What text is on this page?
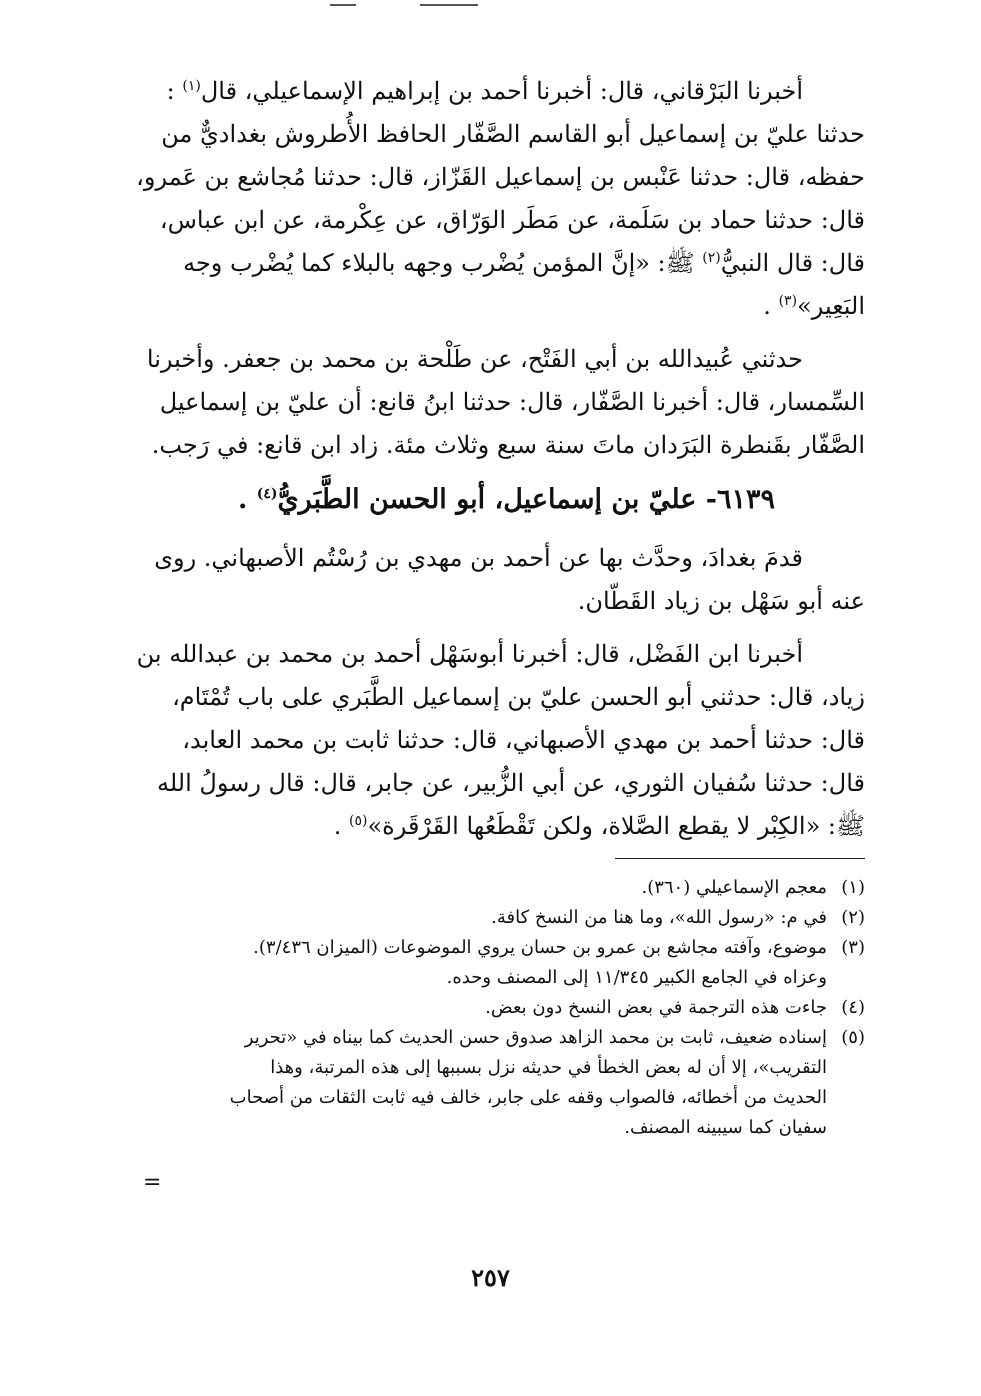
أخبرنا البَرْقاني، قال: أخبرنا أحمد بن إبراهيم الإسماعيلي، قال$^{(١)}$ :
حدثنا عليّ بن إسماعيل أبو القاسم الصَّفّار الحافظ الأُطروش بغداديٌّ من
حفظه، قال: حدثنا عَنْبس بن إسماعيل القَزّاز، قال: حدثنا مُجاشع بن عَمرو،
قال: حدثنا حماد بن سَلَمة، عن مَطَر الوَرّاق، عن عِكْرمة، عن ابن عباس،
قال: قال النبيُّ$^{(٢)}$ ﷺ: «إنَّ المؤمن يُضْرب وجهه بالبلاء كما يُضْرب وجه
البَعِير»$^{(٣)}$ .
حدثني عُبيدالله بن أبي الفَتْح، عن طَلْحة بن محمد بن جعفر. وأخبرنا
السِّمسار، قال: أخبرنا الصَّفّار، قال: حدثنا ابنُ قانع: أن عليّ بن إسماعيل
الصَّفّار بقَنطرة البَرَدان ماتَ سنة سبع وثلاث مئة. زاد ابن قانع: في رَجب.
٦١٣٩- عليّ بن إسماعيل، أبو الحسن الطَّبَريُّ$^{(٤)}$ .
قدمَ بغدادَ، وحدَّث بها عن أحمد بن مهدي بن رُسْتُم الأصبهاني. روى
عنه أبو سَهْل بن زياد القَطّان.
أخبرنا ابن الفَضْل، قال: أخبرنا أبوسَهْل أحمد بن محمد بن عبدالله بن
زياد، قال: حدثني أبو الحسن عليّ بن إسماعيل الطَّبَري على باب تُمْتَام،
قال: حدثنا أحمد بن مهدي الأصبهاني، قال: حدثنا ثابت بن محمد العابد،
قال: حدثنا سُفيان الثوري، عن أبي الزُّبير، عن جابر، قال: قال رسولُ الله
ﷺ: «الكِبْر لا يقطع الصَّلاة، ولكن تَقْطَعُها القَرْقَرة»$^{(٥)}$ .
(١)
معجم الإسماعيلي (٣٦٠).
(٢)
في م: «رسول الله»، وما هنا من النسخ كافة.
(٣)
موضوع، وآفته مجاشع بن عمرو بن حسان يروي الموضوعات (الميزان ٣/٤٣٦).
وعزاه في الجامع الكبير ١١/٣٤٥ إلى المصنف وحده.
(٤)
جاءت هذه الترجمة في بعض النسخ دون بعض.
(٥)
إسناده ضعيف، ثابت بن محمد الزاهد صدوق حسن الحديث كما بيناه في «تحرير
التقريب»، إلا أن له بعض الخطأ في حديثه نزل بسببها إلى هذه المرتبة، وهذا
الحديث من أخطائه، فالصواب وقفه على جابر، خالف فيه ثابت الثقات من أصحاب
سفيان كما سيبينه المصنف.
=
٢٥٧
